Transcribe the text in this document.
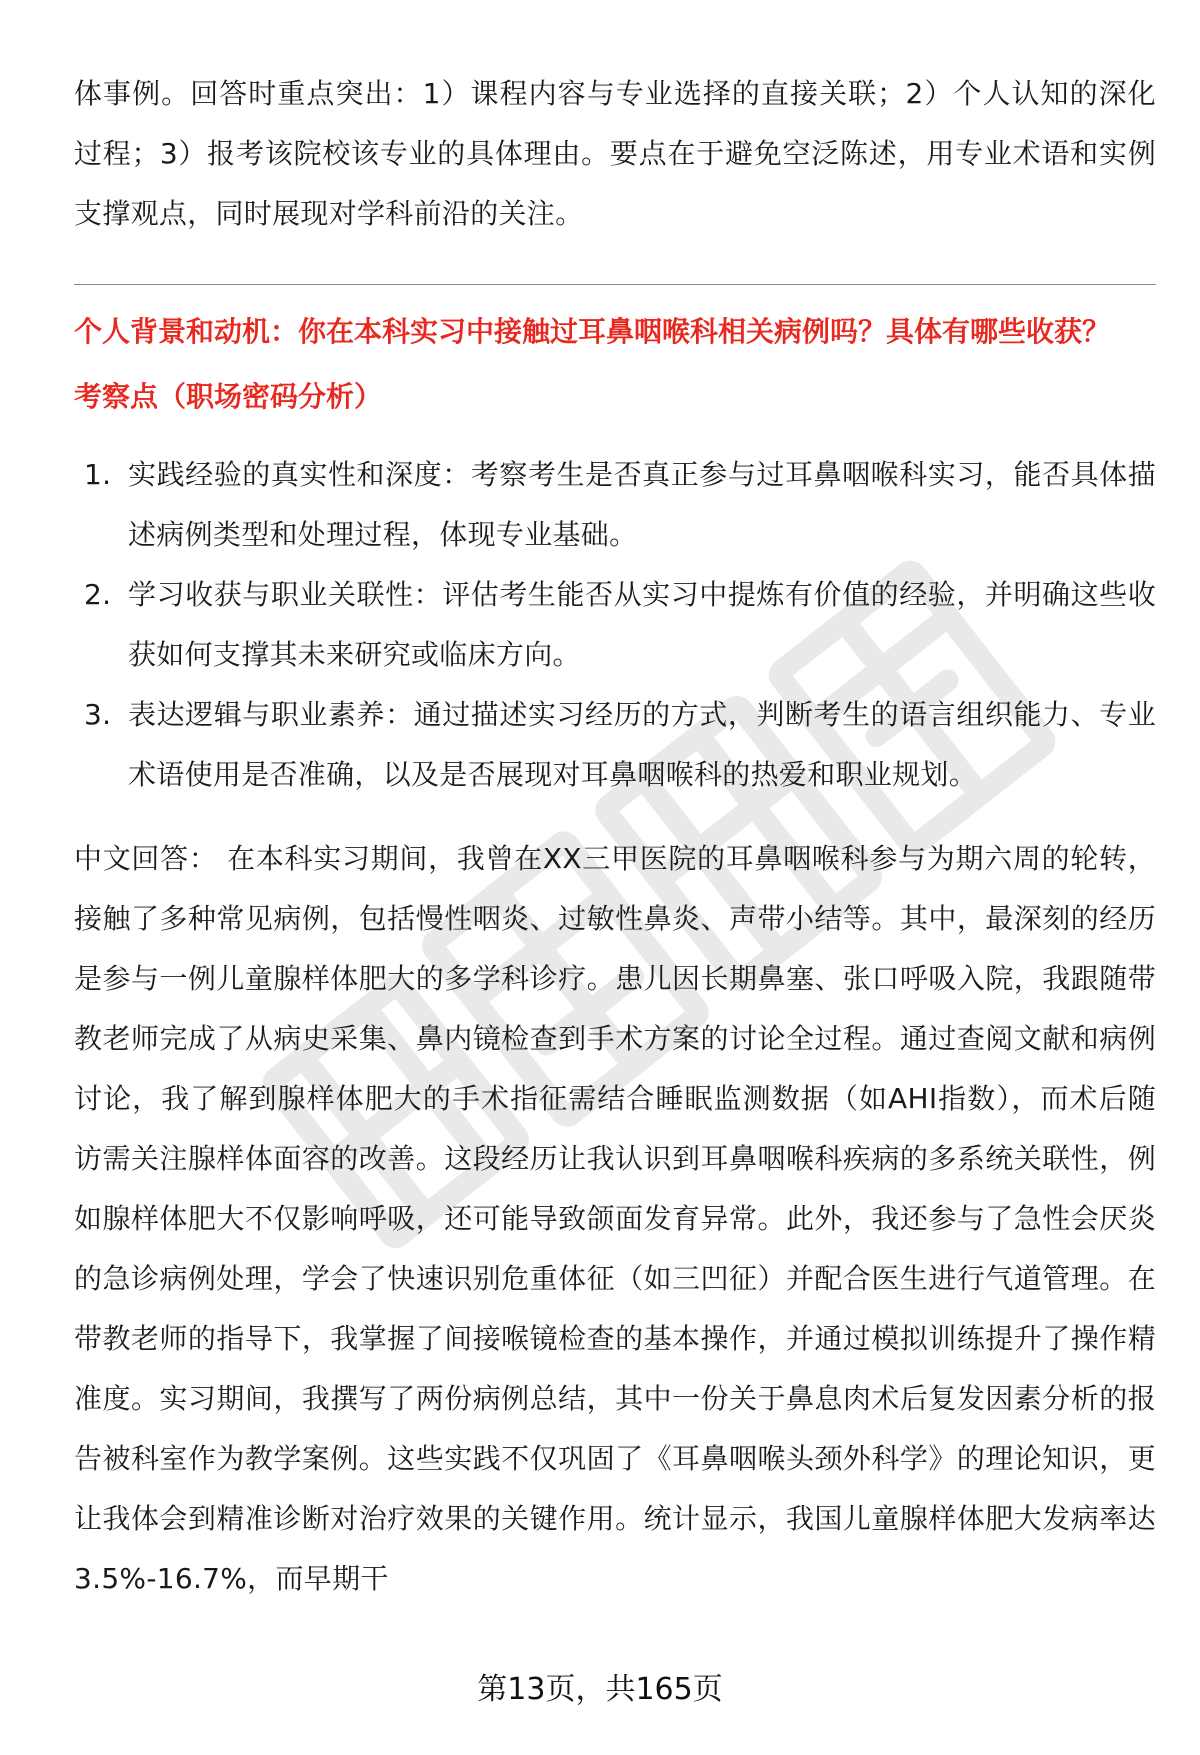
体事例。回答时重点突出：1）课程内容与专业选择的直接关联；2）个人认知的深化过程；3）报考该院校该专业的具体理由。要点在于避免空泛陈述，用专业术语和实例支撑观点，同时展现对学科前沿的关注。

个人背景和动机：你在本科实习中接触过耳鼻咽喉科相关病例吗？具体有哪些收获？

考察点（职场密码分析）

1. 实践经验的真实性和深度：考察考生是否真正参与过耳鼻咽喉科实习，能否具体描述病例类型和处理过程，体现专业基础。
2. 学习收获与职业关联性：评估考生能否从实习中提炼有价值的经验，并明确这些收获如何支撑其未来研究或临床方向。
3. 表达逻辑与职业素养：通过描述实习经历的方式，判断考生的语言组织能力、专业术语使用是否准确，以及是否展现对耳鼻咽喉科的热爱和职业规划。

中文回答： 在本科实习期间，我曾在XX三甲医院的耳鼻咽喉科参与为期六周的轮转，接触了多种常见病例，包括慢性咽炎、过敏性鼻炎、声带小结等。其中，最深刻的经历是参与一例儿童腺样体肥大的多学科诊疗。患儿因长期鼻塞、张口呼吸入院，我跟随带教老师完成了从病史采集、鼻内镜检查到手术方案的讨论全过程。通过查阅文献和病例讨论，我了解到腺样体肥大的手术指征需结合睡眠监测数据（如AHI指数），而术后随访需关注腺样体面容的改善。这段经历让我认识到耳鼻咽喉科疾病的多系统关联性，例如腺样体肥大不仅影响呼吸，还可能导致颌面发育异常。此外，我还参与了急性会厌炎的急诊病例处理，学会了快速识别危重体征（如三凹征）并配合医生进行气道管理。在带教老师的指导下，我掌握了间接喉镜检查的基本操作，并通过模拟训练提升了操作精准度。实习期间，我撰写了两份病例总结，其中一份关于鼻息肉术后复发因素分析的报告被科室作为教学案例。这些实践不仅巩固了《耳鼻咽喉头颈外科学》的理论知识，更让我体会到精准诊断对治疗效果的关键作用。统计显示，我国儿童腺样体肥大发病率达3.5%-16.7%，而早期干

第13页，共165页
